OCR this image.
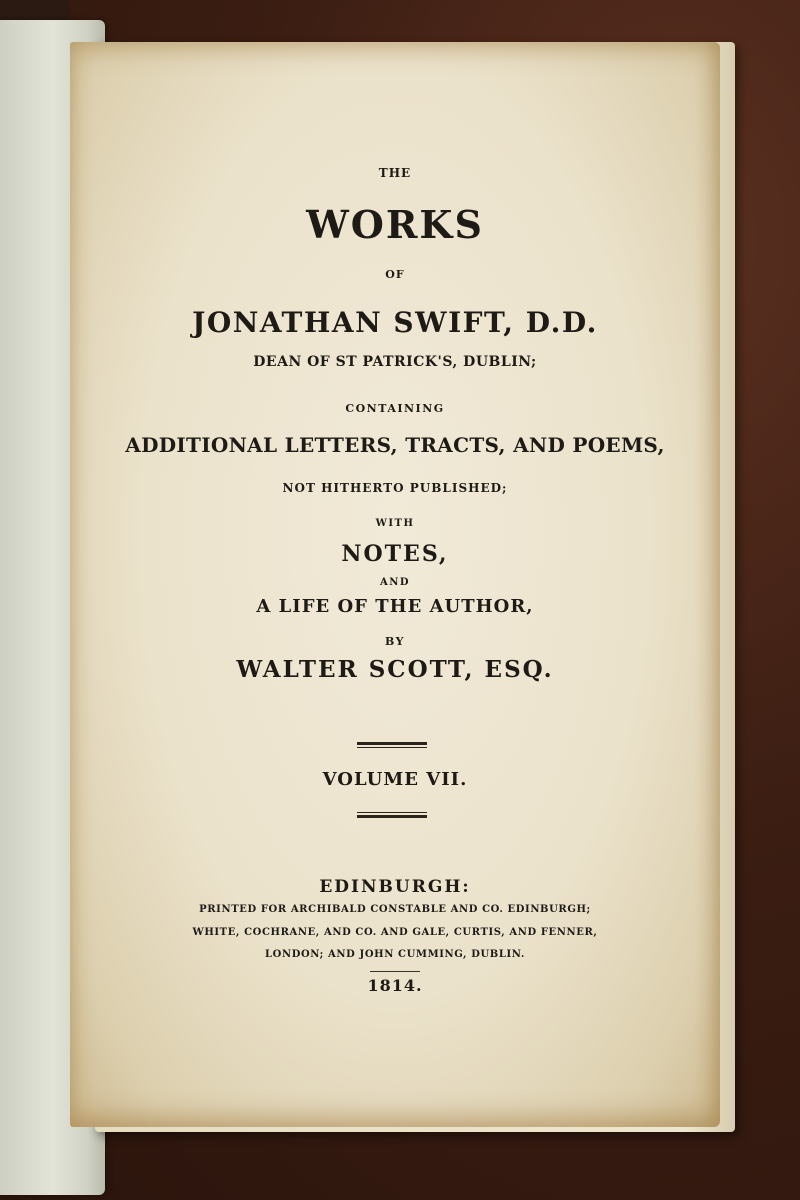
THE
WORKS
OF
JONATHAN SWIFT, D.D.
DEAN OF ST PATRICK'S, DUBLIN;
CONTAINING
ADDITIONAL LETTERS, TRACTS, AND POEMS,
NOT HITHERTO PUBLISHED;
WITH
NOTES,
AND
A LIFE OF THE AUTHOR,
BY
WALTER SCOTT, ESQ.
VOLUME VII.
EDINBURGH:
PRINTED FOR ARCHIBALD CONSTABLE AND CO. EDINBURGH;
WHITE, COCHRANE, AND CO. AND GALE, CURTIS, AND FENNER,
LONDON; AND JOHN CUMMING, DUBLIN.
1814.
